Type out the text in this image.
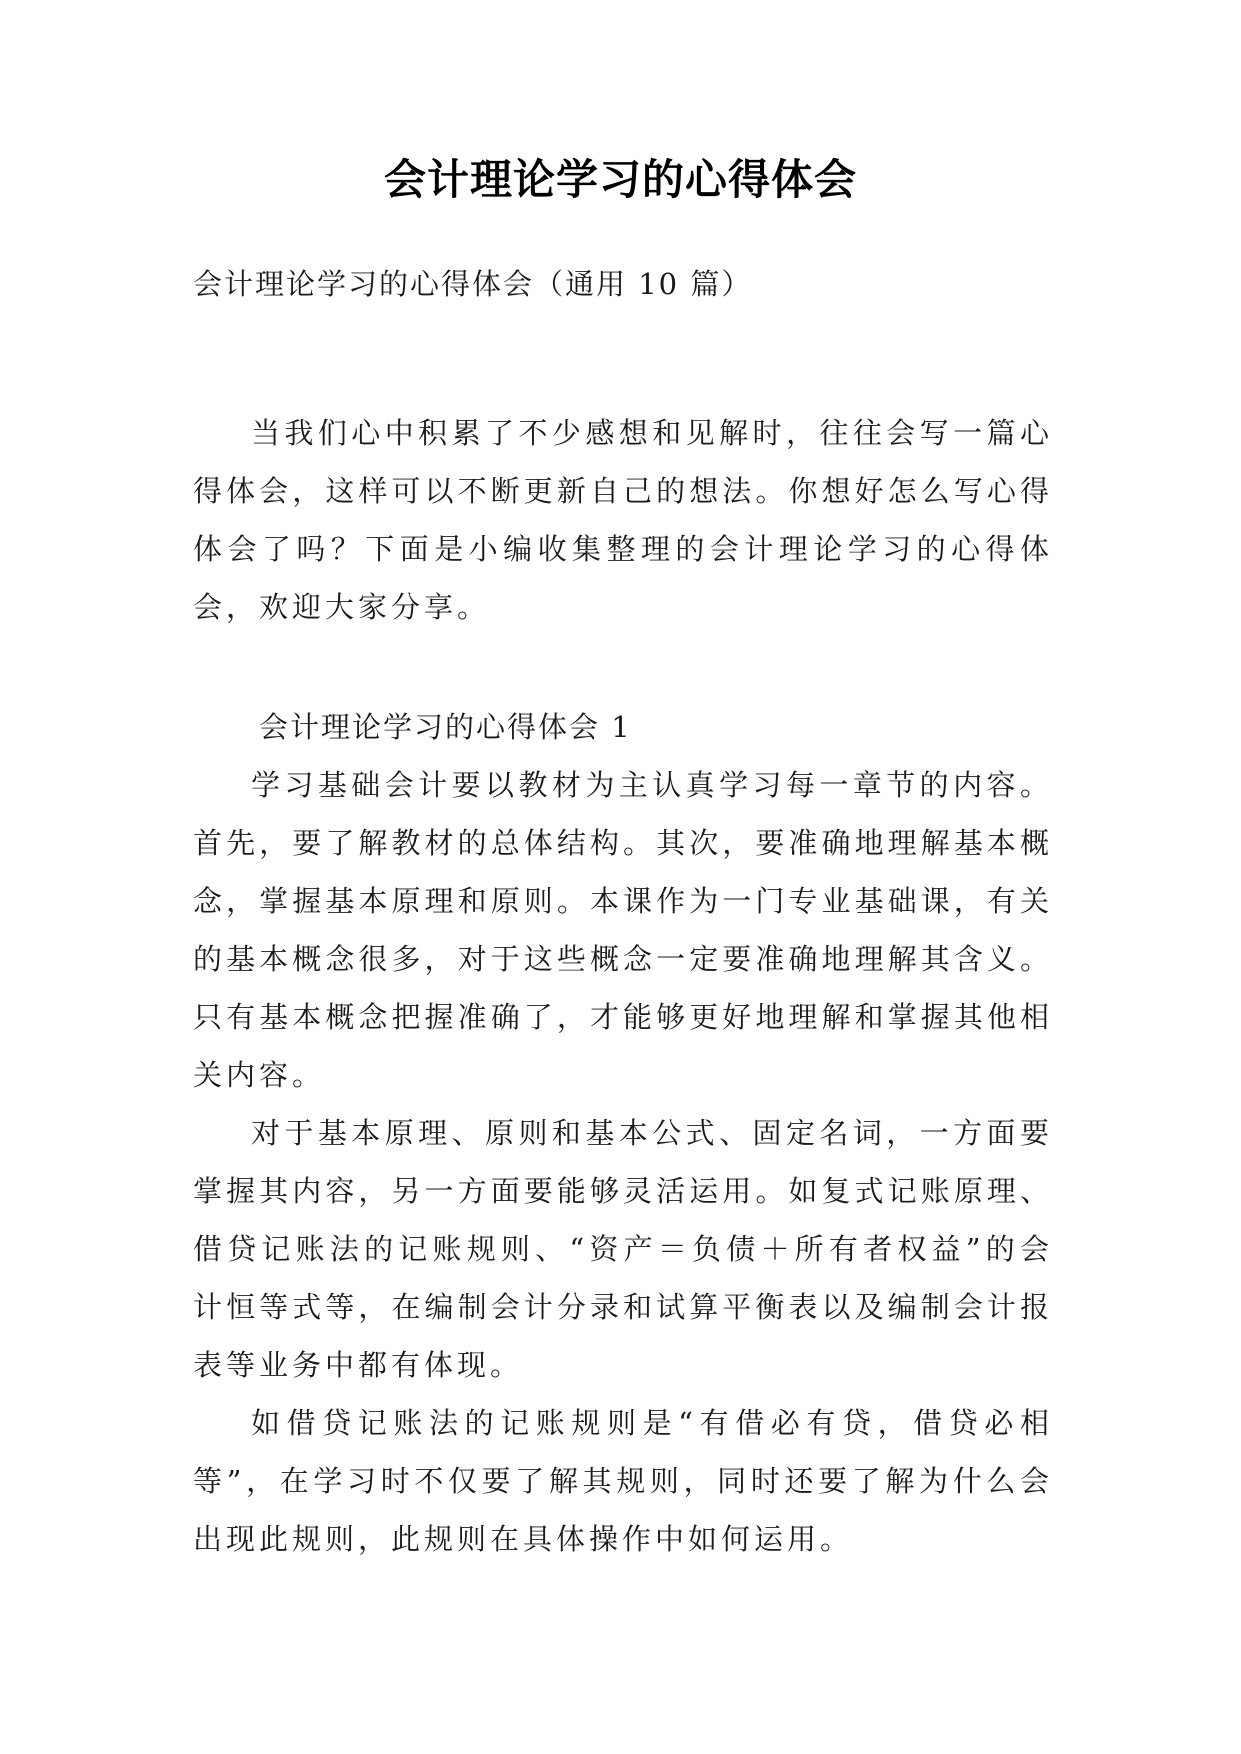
会计理论学习的心得体会
会计理论学习的心得体会（通用 10 篇）

当我们心中积累了不少感想和见解时，往往会写一篇心得体会，这样可以不断更新自己的想法。你想好怎么写心得体会了吗？下面是小编收集整理的会计理论学习的心得体会，欢迎大家分享。

会计理论学习的心得体会 1

学习基础会计要以教材为主认真学习每一章节的内容。首先，要了解教材的总体结构。其次，要准确地理解基本概念，掌握基本原理和原则。本课作为一门专业基础课，有关的基本概念很多，对于这些概念一定要准确地理解其含义。只有基本概念把握准确了，才能够更好地理解和掌握其他相关内容。

对于基本原理、原则和基本公式、固定名词，一方面要掌握其内容，另一方面要能够灵活运用。如复式记账原理、借贷记账法的记账规则、“资产＝负债＋所有者权益”的会计恒等式等，在编制会计分录和试算平衡表以及编制会计报表等业务中都有体现。

如借贷记账法的记账规则是“有借必有贷，借贷必相等”，在学习时不仅要了解其规则，同时还要了解为什么会出现此规则，此规则在具体操作中如何运用。
